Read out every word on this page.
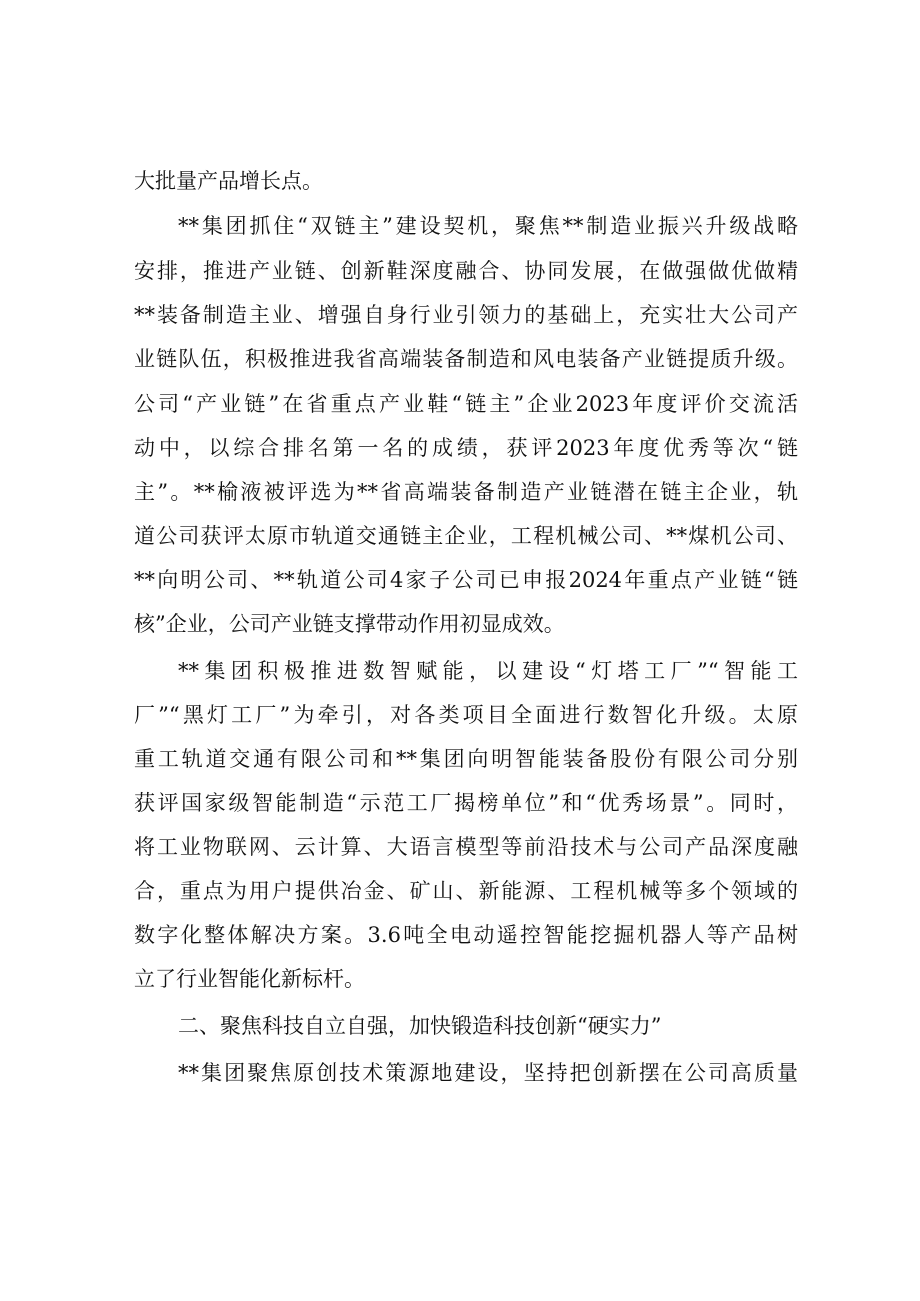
大批量产品增长点。
**集团抓住“双链主”建设契机，聚焦**制造业振兴升级战略
安排，推进产业链、创新鞋深度融合、协同发展，在做强做优做精
**装备制造主业、增强自身行业引领力的基础上，充实壮大公司产
业链队伍，积极推进我省高端装备制造和风电装备产业链提质升级。
公司“产业链”在省重点产业鞋“链主”企业2023年度评价交流活
动中，以综合排名第一名的成绩，获评2023年度优秀等次“链
主”。**榆液被评选为**省高端装备制造产业链潜在链主企业，轨
道公司获评太原市轨道交通链主企业，工程机械公司、**煤机公司、
**向明公司、**轨道公司4家子公司已申报2024年重点产业链“链
核”企业，公司产业链支撑带动作用初显成效。
**集团积极推进数智赋能，以建设“灯塔工厂”“智能工
厂”“黑灯工厂”为牵引，对各类项目全面进行数智化升级。太原
重工轨道交通有限公司和**集团向明智能装备股份有限公司分别
获评国家级智能制造“示范工厂揭榜单位”和“优秀场景”。同时，
将工业物联网、云计算、大语言模型等前沿技术与公司产品深度融
合，重点为用户提供冶金、矿山、新能源、工程机械等多个领域的
数字化整体解决方案。3.6吨全电动遥控智能挖掘机器人等产品树
立了行业智能化新标杆。
二、聚焦科技自立自强，加快锻造科技创新“硬实力”
**集团聚焦原创技术策源地建设，坚持把创新摆在公司高质量
